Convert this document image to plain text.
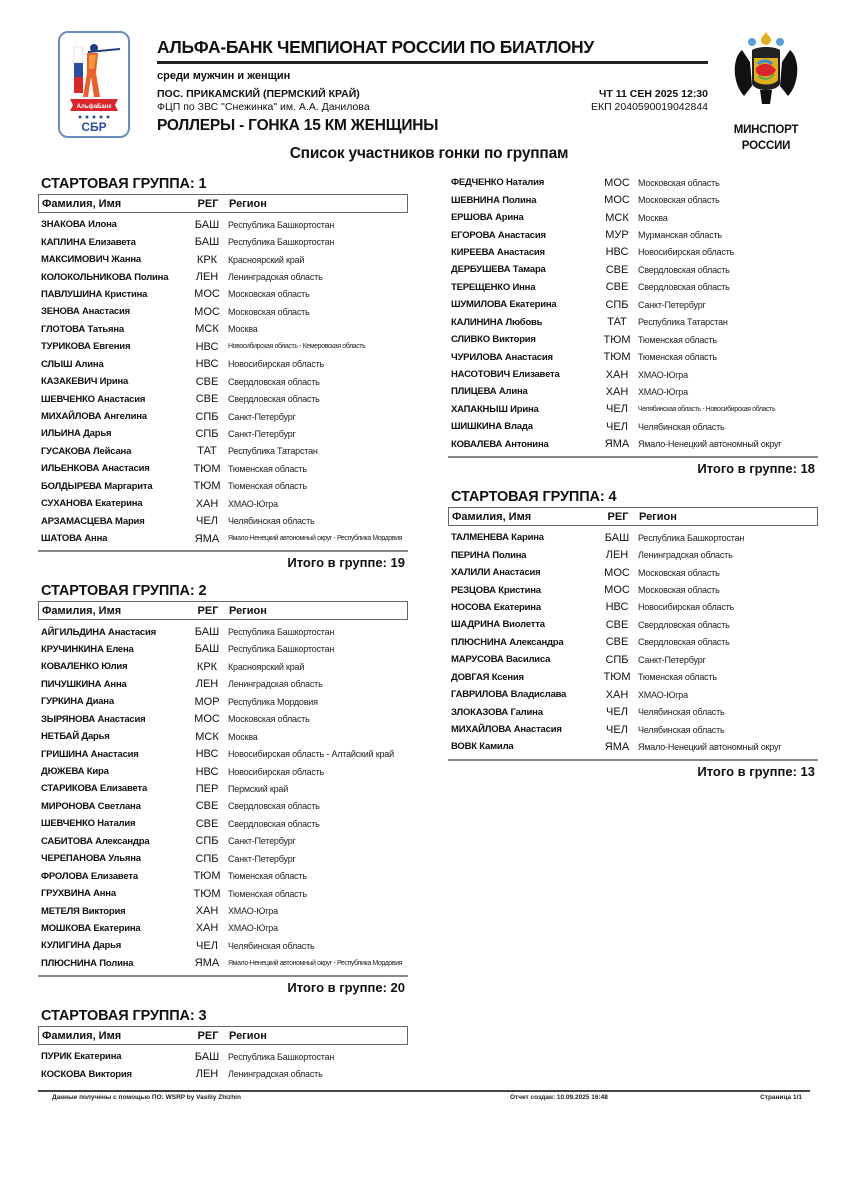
АльфаБанк
СБР
АЛЬФА-БАНК ЧЕМПИОНАТ РОССИИ ПО БИАТЛОНУ
среди мужчин и женщин
ПОС. ПРИКАМСКИЙ (ПЕРМСКИЙ КРАЙ)	ЧТ 11 СЕН 2025 12:30
ФЦП по ЗВС "Снежинка" им. А.А. Данилова	ЕКП 2040590019042844
РОЛЛЕРЫ - ГОНКА 15 КМ ЖЕНЩИНЫ	МИНСПОРТ
РОССИИ
Список участников гонки по группам
СТАРТОВАЯ ГРУППА: 1
Фамилия, Имя	РЕГ Регион
ЗНАКОВА Илона	БАШ Республика Башкортостан
КАПЛИНА Елизавета	БАШ Республика Башкортостан
МАКСИМОВИЧ Жанна	КРК	Красноярский край
КОЛОКОЛЬНИКОВА Полина	ЛЕН	Ленинградская область
ПАВЛУШИНА Кристина	МОС Московская область
ЗЕНОВА Анастасия	МОС Московская область
ГЛОТОВА Татьяна	МСК	Москва
ТУРИКОВА Евгения	НВС	Новосибирская область - Кемеровская область
СЛЫШ Алина	НВС	Новосибирская область
КАЗАКЕВИЧ Ирина	СВЕ	Свердловская область
ШЕВЧЕНКО Анастасия	СВЕ	Свердловская область
МИХАЙЛОВА Ангелина	СПБ	Санкт-Петербург
ИЛЬИНА Дарья	СПБ	Санкт-Петербург
ГУСАКОВА Лейсана	ТАТ	Республика Татарстан
ИЛЬЕНКОВА Анастасия	ТЮМ Тюменская область
БОЛДЫРЕВА Маргарита	ТЮМ Тюменская область
СУХАНОВА Екатерина	ХАН	ХМАО-Югра
АРЗАМАСЦЕВА Мария	ЧЕЛ	Челябинская область
ШАТОВА Анна	ЯМА	Ямало-Ненецкий автономный округ - Республика Мордовия
Итого в группе: 19
СТАРТОВАЯ ГРУППА: 2
Фамилия, Имя	РЕГ Регион
АЙГИЛЬДИНА Анастасия	БАШ Республика Башкортостан
КРУЧИНКИНА Елена	БАШ Республика Башкортостан
КОВАЛЕНКО Юлия	КРК	Красноярский край
ПИЧУШКИНА Анна	ЛЕН	Ленинградская область
ГУРКИНА Диана	МОР Республика Мордовия
ЗЫРЯНОВА Анастасия	МОС Московская область
НЕТБАЙ Дарья	МСК	Москва
ГРИШИНА Анастасия	НВС	Новосибирская область - Алтайский край
ДЮЖЕВА Кира	НВС	Новосибирская область
СТАРИКОВА Елизавета	ПЕР	Пермский край
МИРОНОВА Светлана	СВЕ	Свердловская область
ШЕВЧЕНКО Наталия	СВЕ	Свердловская область
САБИТОВА Александра	СПБ	Санкт-Петербург
ЧЕРЕПАНОВА Ульяна	СПБ	Санкт-Петербург
ФРОЛОВА Елизавета	ТЮМ Тюменская область
ГРУХВИНА Анна	ТЮМ Тюменская область
МЕТЕЛЯ Виктория	ХАН	ХМАО-Югра
МОШКОВА Екатерина	ХАН	ХМАО-Югра
КУЛИГИНА Дарья	ЧЕЛ	Челябинская область
ПЛЮСНИНА Полина	ЯМА	Ямало-Ненецкий автономный округ - Республика Мордовия
Итого в группе: 20
СТАРТОВАЯ ГРУППА: 3
Фамилия, Имя	РЕГ Регион
ПУРИК Екатерина	БАШ Республика Башкортостан
КОСКОВА Виктория	ЛЕН	Ленинградская область
ФЕДЧЕНКО Наталия	МОС Московская область
ШЕВНИНА Полина	МОС Московская область
ЕРШОВА Арина	МСК	Москва
ЕГОРОВА Анастасия	МУР	Мурманская область
КИРЕЕВА Анастасия	НВС	Новосибирская область
ДЕРБУШЕВА Тамара	СВЕ	Свердловская область
ТЕРЕЩЕНКО Инна	СВЕ	Свердловская область
ШУМИЛОВА Екатерина	СПБ	Санкт-Петербург
КАЛИНИНА Любовь	ТАТ	Республика Татарстан
СЛИВКО Виктория	ТЮМ Тюменская область
ЧУРИЛОВА Анастасия	ТЮМ Тюменская область
НАСОТОВИЧ Елизавета	ХАН	ХМАО-Югра
ПЛИЦЕВА Алина	ХАН	ХМАО-Югра
ХАПАКНЫШ Ирина	ЧЕЛ	Челябинская область - Новосибирская область
ШИШКИНА Влада	ЧЕЛ	Челябинская область
КОВАЛЕВА Антонина	ЯМА Ямало-Ненецкий автономный округ
Итого в группе: 18
СТАРТОВАЯ ГРУППА: 4
Фамилия, Имя	РЕГ Регион
ТАЛМЕНЕВА Карина	БАШ Республика Башкортостан
ПЕРИНА Полина	ЛЕН	Ленинградская область
ХАЛИЛИ Анастасия	МОС Московская область
РЕЗЦОВА Кристина	МОС Московская область
НОСОВА Екатерина	НВС	Новосибирская область
ШАДРИНА Виолетта	СВЕ	Свердловская область
ПЛЮСНИНА Александра	СВЕ	Свердловская область
МАРУСОВА Василиса	СПБ	Санкт-Петербург
ДОВГАЯ Ксения	ТЮМ Тюменская область
ГАВРИЛОВА Владислава	ХАН	ХМАО-Югра
ЗЛОКАЗОВА Галина	ЧЕЛ	Челябинская область
МИХАЙЛОВА Анастасия	ЧЕЛ	Челябинская область
ВОВК Камила	ЯМА Ямало-Ненецкий автономный округ
Итого в группе: 13
Данные получены с помощью ПО: WSRP by Vasiliy Zhizhin	Отчет создан: 10.09.2025 16:48	Страница 1/1
